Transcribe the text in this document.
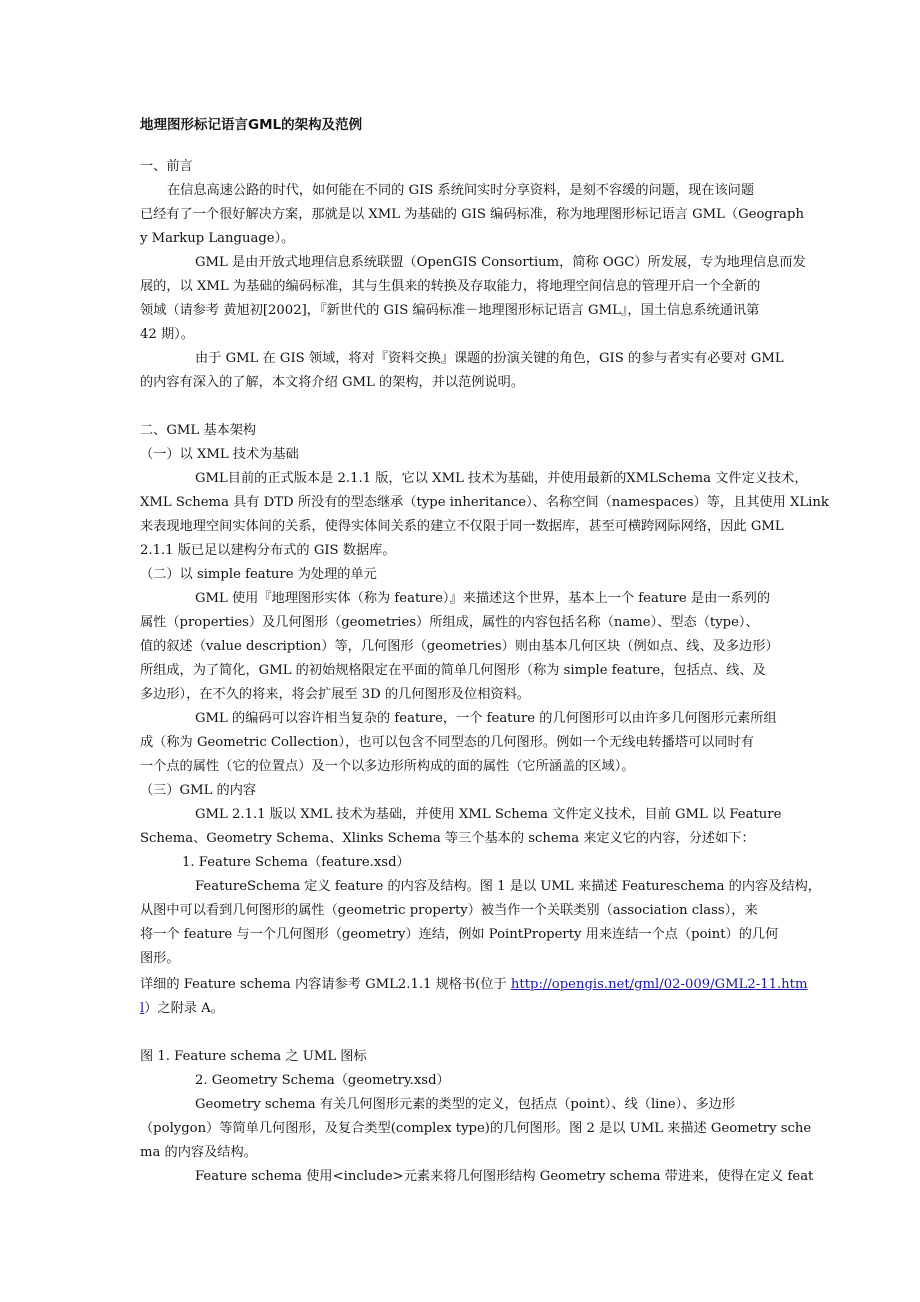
地理图形标记语言GML的架构及范例
一、前言
在信息高速公路的时代，如何能在不同的 GIS 系统间实时分享资料，是刻不容缓的问题，现在该问题
已经有了一个很好解决方案，那就是以 XML 为基础的 GIS 编码标准，称为地理图形标记语言 GML（Geograph
y Markup Language）。
GML 是由开放式地理信息系统联盟（OpenGIS Consortium，简称 OGC）所发展，专为地理信息而发
展的，以 XML 为基础的编码标准，其与生俱来的转换及存取能力，将地理空间信息的管理开启一个全新的
领域（请参考 黄旭初[2002]，『新世代的 GIS 编码标准－地理图形标记语言 GML』，国土信息系统通讯第
42 期）。
由于 GML 在 GIS 领域，将对『资料交换』课题的扮演关键的角色，GIS 的参与者实有必要对 GML
的内容有深入的了解，本文将介绍 GML 的架构，并以范例说明。
二、GML 基本架构
（一）以 XML 技术为基础
GML目前的正式版本是 2.1.1 版，它以 XML 技术为基础，并使用最新的XMLSchema 文件定义技术，
XML Schema 具有 DTD 所没有的型态继承（type inheritance）、名称空间（namespaces）等，且其使用 XLink
来表现地理空间实体间的关系，使得实体间关系的建立不仅限于同一数据库，甚至可横跨网际网络，因此 GML
2.1.1 版已足以建构分布式的 GIS 数据库。
（二）以 simple feature 为处理的单元
GML 使用『地理图形实体（称为 feature）』来描述这个世界，基本上一个 feature 是由一系列的
属性（properties）及几何图形（geometries）所组成，属性的内容包括名称（name）、型态（type）、
值的叙述（value description）等，几何图形（geometries）则由基本几何区块（例如点、线、及多边形）
所组成，为了简化，GML 的初始规格限定在平面的简单几何图形（称为 simple feature，包括点、线、及
多边形），在不久的将来，将会扩展至 3D 的几何图形及位相资料。
GML 的编码可以容许相当复杂的 feature，一个 feature 的几何图形可以由许多几何图形元素所组
成（称为 Geometric Collection），也可以包含不同型态的几何图形。例如一个无线电转播塔可以同时有
一个点的属性（它的位置点）及一个以多边形所构成的面的属性（它所涵盖的区域）。
（三）GML 的内容
GML 2.1.1 版以 XML 技术为基础，并使用 XML Schema 文件定义技术，目前 GML 以 Feature
Schema、Geometry Schema、Xlinks Schema 等三个基本的 schema 来定义它的内容，分述如下：
1. Feature Schema（feature.xsd）
FeatureSchema 定义 feature 的内容及结构。图 1 是以 UML 来描述 Featureschema 的内容及结构，
从图中可以看到几何图形的属性（geometric property）被当作一个关联类别（association class），来
将一个 feature 与一个几何图形（geometry）连结，例如 PointProperty 用来连结一个点（point）的几何
图形。
详细的 Feature schema 内容请参考 GML2.1.1 规格书(位于 http://opengis.net/gml/02-009/GML2-11.htm
l）之附录 A。
图 1. Feature schema 之 UML 图标
2. Geometry Schema（geometry.xsd）
Geometry schema 有关几何图形元素的类型的定义，包括点（point）、线（line）、多边形
（polygon）等简单几何图形，及复合类型(complex type)的几何图形。图 2 是以 UML 来描述 Geometry sche
ma 的内容及结构。
Feature schema 使用<include>元素来将几何图形结构 Geometry schema 带进来，使得在定义 feat
